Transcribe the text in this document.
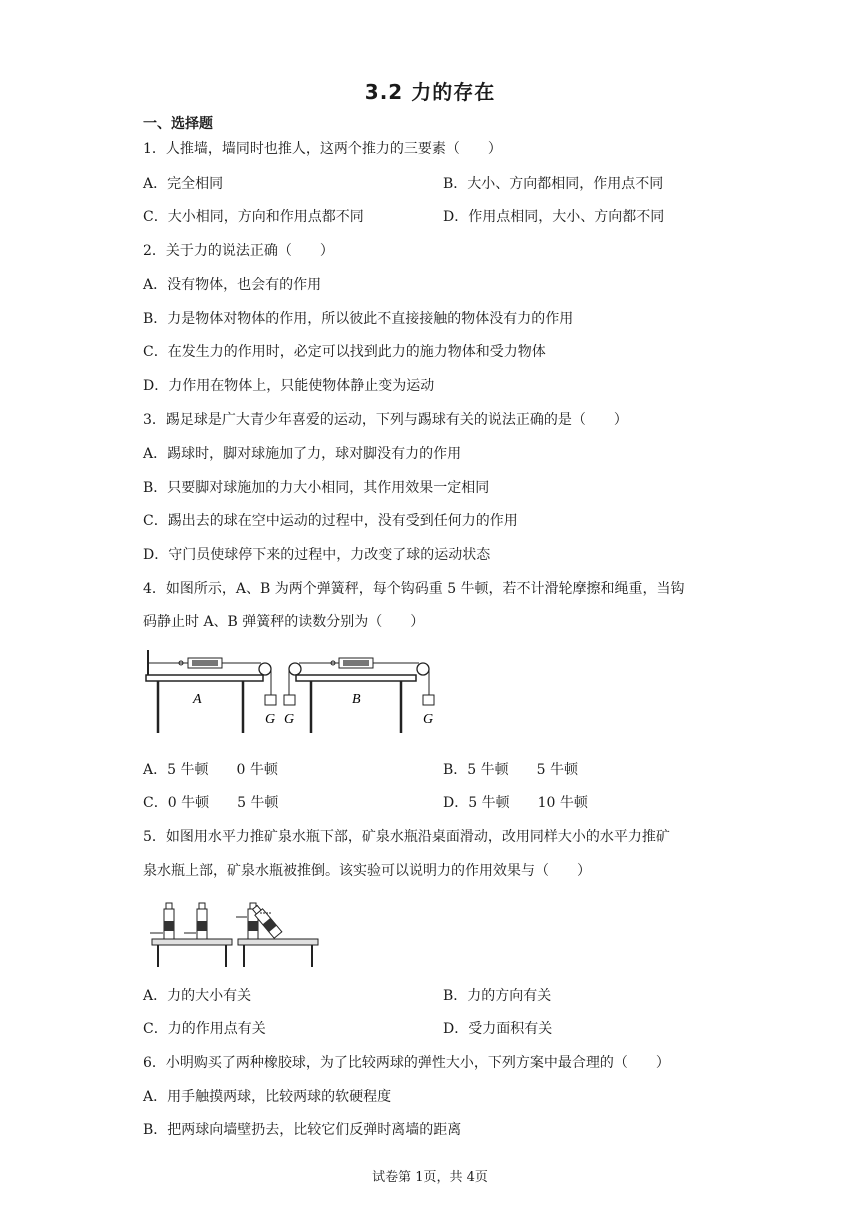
3.2 力的存在
一、选择题
1．人推墙，墙同时也推人，这两个推力的三要素（　　）
A．完全相同	B．大小、方向都相同，作用点不同
C．大小相同，方向和作用点都不同	D．作用点相同，大小、方向都不同
2．关于力的说法正确（　　）
A．没有物体，也会有的作用
B．力是物体对物体的作用，所以彼此不直接接触的物体没有力的作用
C．在发生力的作用时，必定可以找到此力的施力物体和受力物体
D．力作用在物体上，只能使物体静止变为运动
3．踢足球是广大青少年喜爱的运动，下列与踢球有关的说法正确的是（　　）
A．踢球时，脚对球施加了力，球对脚没有力的作用
B．只要脚对球施加的力大小相同，其作用效果一定相同
C．踢出去的球在空中运动的过程中，没有受到任何力的作用
D．守门员使球停下来的过程中，力改变了球的运动状态
4．如图所示，A、B 为两个弹簧秤，每个钩码重 5 牛顿，若不计滑轮摩擦和绳重，当钩
码静止时 A、B 弹簧秤的读数分别为（　　）
A	B
G G	G
A．5 牛顿　　0 牛顿	B．5 牛顿　　5 牛顿
C．0 牛顿　　5 牛顿	D．5 牛顿　　10 牛顿
5．如图用水平力推矿泉水瓶下部，矿泉水瓶沿桌面滑动，改用同样大小的水平力推矿
泉水瓶上部，矿泉水瓶被推倒。该实验可以说明力的作用效果与（　　）
A．力的大小有关	B．力的方向有关
C．力的作用点有关	D．受力面积有关
6．小明购买了两种橡胶球，为了比较两球的弹性大小，下列方案中最合理的（　　）
A．用手触摸两球，比较两球的软硬程度
B．把两球向墙壁扔去，比较它们反弹时离墙的距离
试卷第 1页，共 4页
